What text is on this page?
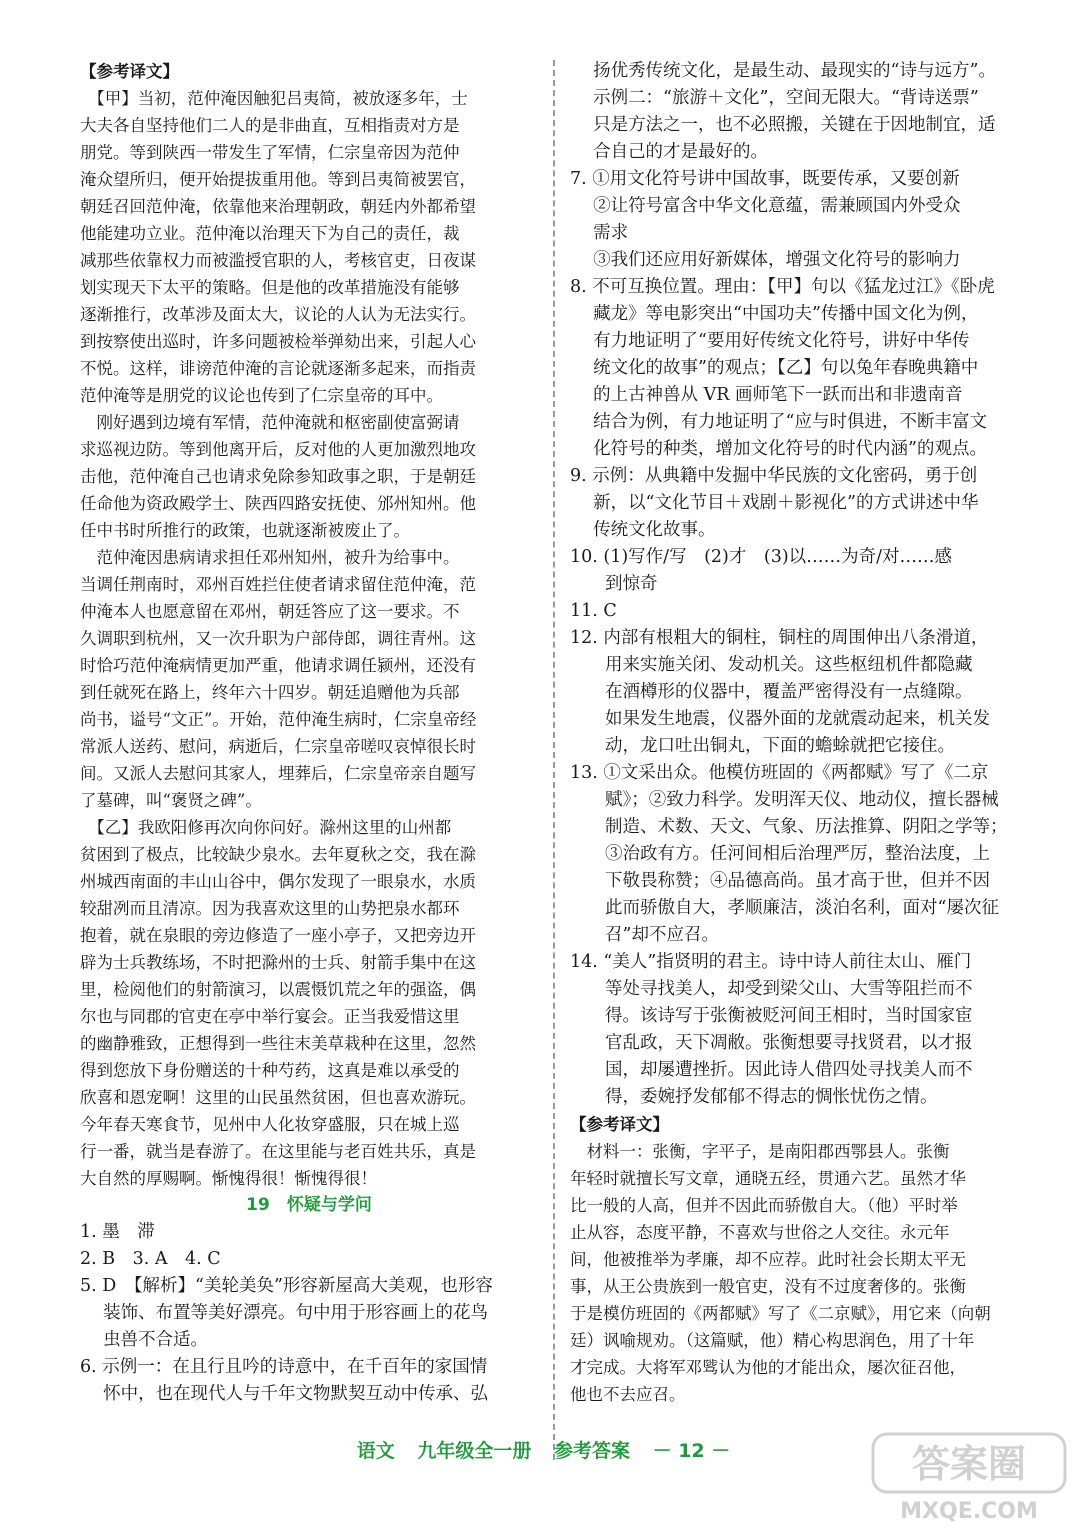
【参考译文】
　【甲】当初，范仲淹因触犯吕夷简，被放逐多年，士
大夫各自坚持他们二人的是非曲直，互相指责对方是
朋党。等到陕西一带发生了军情，仁宗皇帝因为范仲
淹众望所归，便开始提拔重用他。等到吕夷简被罢官，
朝廷召回范仲淹，依靠他来治理朝政，朝廷内外都希望
他能建功立业。范仲淹以治理天下为自己的责任，裁
减那些依靠权力而被滥授官职的人，考核官吏，日夜谋
划实现天下太平的策略。但是他的改革措施没有能够
逐渐推行，改革涉及面太大，议论的人认为无法实行。
到按察使出巡时，许多问题被检举弹劾出来，引起人心
不悦。这样，诽谤范仲淹的言论就逐渐多起来，而指责
范仲淹等是朋党的议论也传到了仁宗皇帝的耳中。
　刚好遇到边境有军情，范仲淹就和枢密副使富弼请
求巡视边防。等到他离开后，反对他的人更加激烈地攻
击他，范仲淹自己也请求免除参知政事之职，于是朝廷
任命他为资政殿学士、陕西四路安抚使、邠州知州。他
任中书时所推行的政策，也就逐渐被废止了。
　范仲淹因患病请求担任邓州知州，被升为给事中。
当调任荆南时，邓州百姓拦住使者请求留住范仲淹，范
仲淹本人也愿意留在邓州，朝廷答应了这一要求。不
久调职到杭州，又一次升职为户部侍郎，调往青州。这
时恰巧范仲淹病情更加严重，他请求调任颍州，还没有
到任就死在路上，终年六十四岁。朝廷追赠他为兵部
尚书，谥号“文正”。开始，范仲淹生病时，仁宗皇帝经
常派人送药、慰问，病逝后，仁宗皇帝嗟叹哀悼很长时
间。又派人去慰问其家人，埋葬后，仁宗皇帝亲自题写
了墓碑，叫“褒贤之碑”。
　【乙】我欧阳修再次向你问好。滁州这里的山州都
贫困到了极点，比较缺少泉水。去年夏秋之交，我在滁
州城西南面的丰山山谷中，偶尔发现了一眼泉水，水质
较甜冽而且清凉。因为我喜欢这里的山势把泉水都环
抱着，就在泉眼的旁边修造了一座小亭子，又把旁边开
辟为士兵教练场，不时把滁州的士兵、射箭手集中在这
里，检阅他们的射箭演习，以震慑饥荒之年的强盗，偶
尔也与同郡的官吏在亭中举行宴会。正当我爱惜这里
的幽静雅致，正想得到一些往末美草栽种在这里，忽然
得到您放下身份赠送的十种芍药，这真是难以承受的
欣喜和恩宠啊！这里的山民虽然贫困，但也喜欢游玩。
今年春天寒食节，见州中人化妆穿盛服，只在城上巡
行一番，就当是春游了。在这里能与老百姓共乐，真是
大自然的厚赐啊。惭愧得很！惭愧得很！
19　怀疑与学问
1. 墨　滞
2. B　3. A　4. C
5. D　【解析】“美轮美奂”形容新屋高大美观，也形容
　 装饰、布置等美好漂亮。句中用于形容画上的花鸟
　 虫兽不合适。
6. 示例一：在且行且吟的诗意中，在千百年的家国情
　 怀中，也在现代人与千年文物默契互动中传承、弘
　 扬优秀传统文化，是最生动、最现实的“诗与远方”。
　 示例二：“旅游＋文化”，空间无限大。“背诗送票”
　 只是方法之一，也不必照搬，关键在于因地制宜，适
　 合自己的才是最好的。
7. ①用文化符号讲中国故事，既要传承，又要创新
　 ②让符号富含中华文化意蕴，需兼顾国内外受众
　 需求
　 ③我们还应用好新媒体，增强文化符号的影响力
8. 不可互换位置。理由：【甲】句以《猛龙过江》《卧虎
　 藏龙》等电影突出“中国功夫”传播中国文化为例，
　 有力地证明了“要用好传统文化符号，讲好中华传
　 统文化的故事”的观点；【乙】句以兔年春晚典籍中
　 的上古神兽从 VR 画师笔下一跃而出和非遗南音
　 结合为例，有力地证明了“应与时俱进，不断丰富文
　 化符号的种类，增加文化符号的时代内涵”的观点。
9. 示例：从典籍中发掘中华民族的文化密码，勇于创
　 新，以“文化节目＋戏剧＋影视化”的方式讲述中华
　 传统文化故事。
10. (1)写作/写　(2)才　(3)以……为奇/对……感
　　到惊奇
11. C
12. 内部有根粗大的铜柱，铜柱的周围伸出八条滑道，
　　用来实施关闭、发动机关。这些枢纽机件都隐藏
　　在酒樽形的仪器中，覆盖严密得没有一点缝隙。
　　如果发生地震，仪器外面的龙就震动起来，机关发
　　动，龙口吐出铜丸，下面的蟾蜍就把它接住。
13. ①文采出众。他模仿班固的《两都赋》写了《二京
　　赋》；②致力科学。发明浑天仪、地动仪，擅长器械
　　制造、术数、天文、气象、历法推算、阴阳之学等；
　　③治政有方。任河间相后治理严厉，整治法度，上
　　下敬畏称赞；④品德高尚。虽才高于世，但并不因
　　此而骄傲自大，孝顺廉洁，淡泊名利，面对“屡次征
　　召”却不应召。
14. “美人”指贤明的君主。诗中诗人前往太山、雁门
　　等处寻找美人，却受到梁父山、大雪等阻拦而不
　　得。该诗写于张衡被贬河间王相时，当时国家宦
　　官乱政，天下凋敝。张衡想要寻找贤君，以才报
　　国，却屡遭挫折。因此诗人借四处寻找美人而不
　　得，委婉抒发郁郁不得志的惆怅忧伤之情。
【参考译文】
　材料一：张衡，字平子，是南阳郡西鄂县人。张衡
年轻时就擅长写文章，通晓五经，贯通六艺。虽然才华
比一般的人高，但并不因此而骄傲自大。（他）平时举
止从容，态度平静，不喜欢与世俗之人交往。永元年
间，他被推举为孝廉，却不应荐。此时社会长期太平无
事，从王公贵族到一般官吏，没有不过度奢侈的。张衡
于是模仿班固的《两都赋》写了《二京赋》，用它来（向朝
廷）讽喻规劝。（这篇赋，他）精心构思润色，用了十年
才完成。大将军邓骘认为他的才能出众，屡次征召他，
他也不去应召。
语文 九年级全一册 参考答案 － 12 －	答案圈
MXQE.COM
